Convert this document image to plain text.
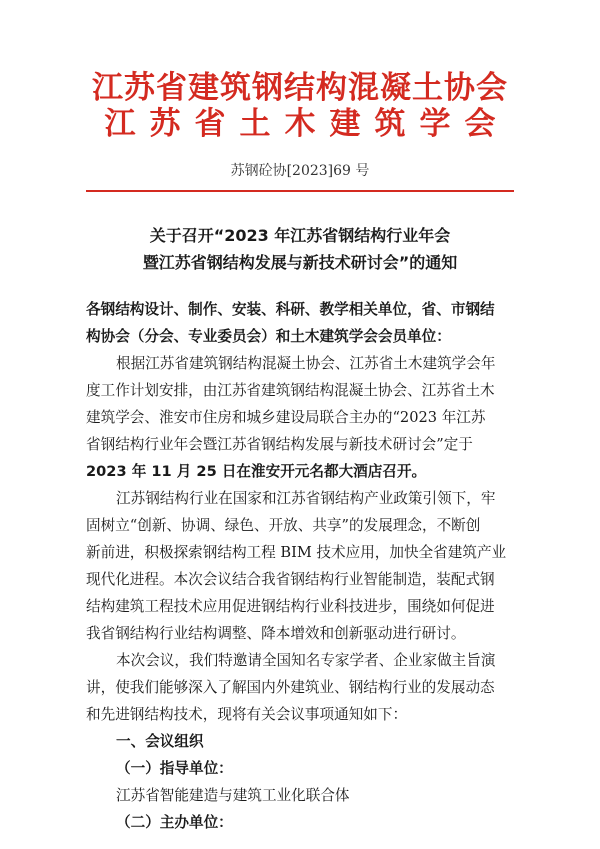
江苏省建筑钢结构混凝土协会
江苏省土木建筑学会
苏钢砼协[2023]69 号
关于召开“2023 年江苏省钢结构行业年会
暨江苏省钢结构发展与新技术研讨会”的通知
各钢结构设计、制作、安装、科研、教学相关单位，省、市钢结
构协会（分会、专业委员会）和土木建筑学会会员单位：
根据江苏省建筑钢结构混凝土协会、江苏省土木建筑学会年
度工作计划安排，由江苏省建筑钢结构混凝土协会、江苏省土木
建筑学会、淮安市住房和城乡建设局联合主办的“2023 年江苏
省钢结构行业年会暨江苏省钢结构发展与新技术研讨会”定于
2023 年 11 月 25 日在淮安开元名都大酒店召开。
江苏钢结构行业在国家和江苏省钢结构产业政策引领下，牢
固树立“创新、协调、绿色、开放、共享”的发展理念，不断创
新前进，积极探索钢结构工程 BIM 技术应用，加快全省建筑产业
现代化进程。本次会议结合我省钢结构行业智能制造，装配式钢
结构建筑工程技术应用促进钢结构行业科技进步，围绕如何促进
我省钢结构行业结构调整、降本增效和创新驱动进行研讨。
本次会议，我们特邀请全国知名专家学者、企业家做主旨演
讲，使我们能够深入了解国内外建筑业、钢结构行业的发展动态
和先进钢结构技术，现将有关会议事项通知如下：
一、会议组织
（一）指导单位：
江苏省智能建造与建筑工业化联合体
（二）主办单位：
